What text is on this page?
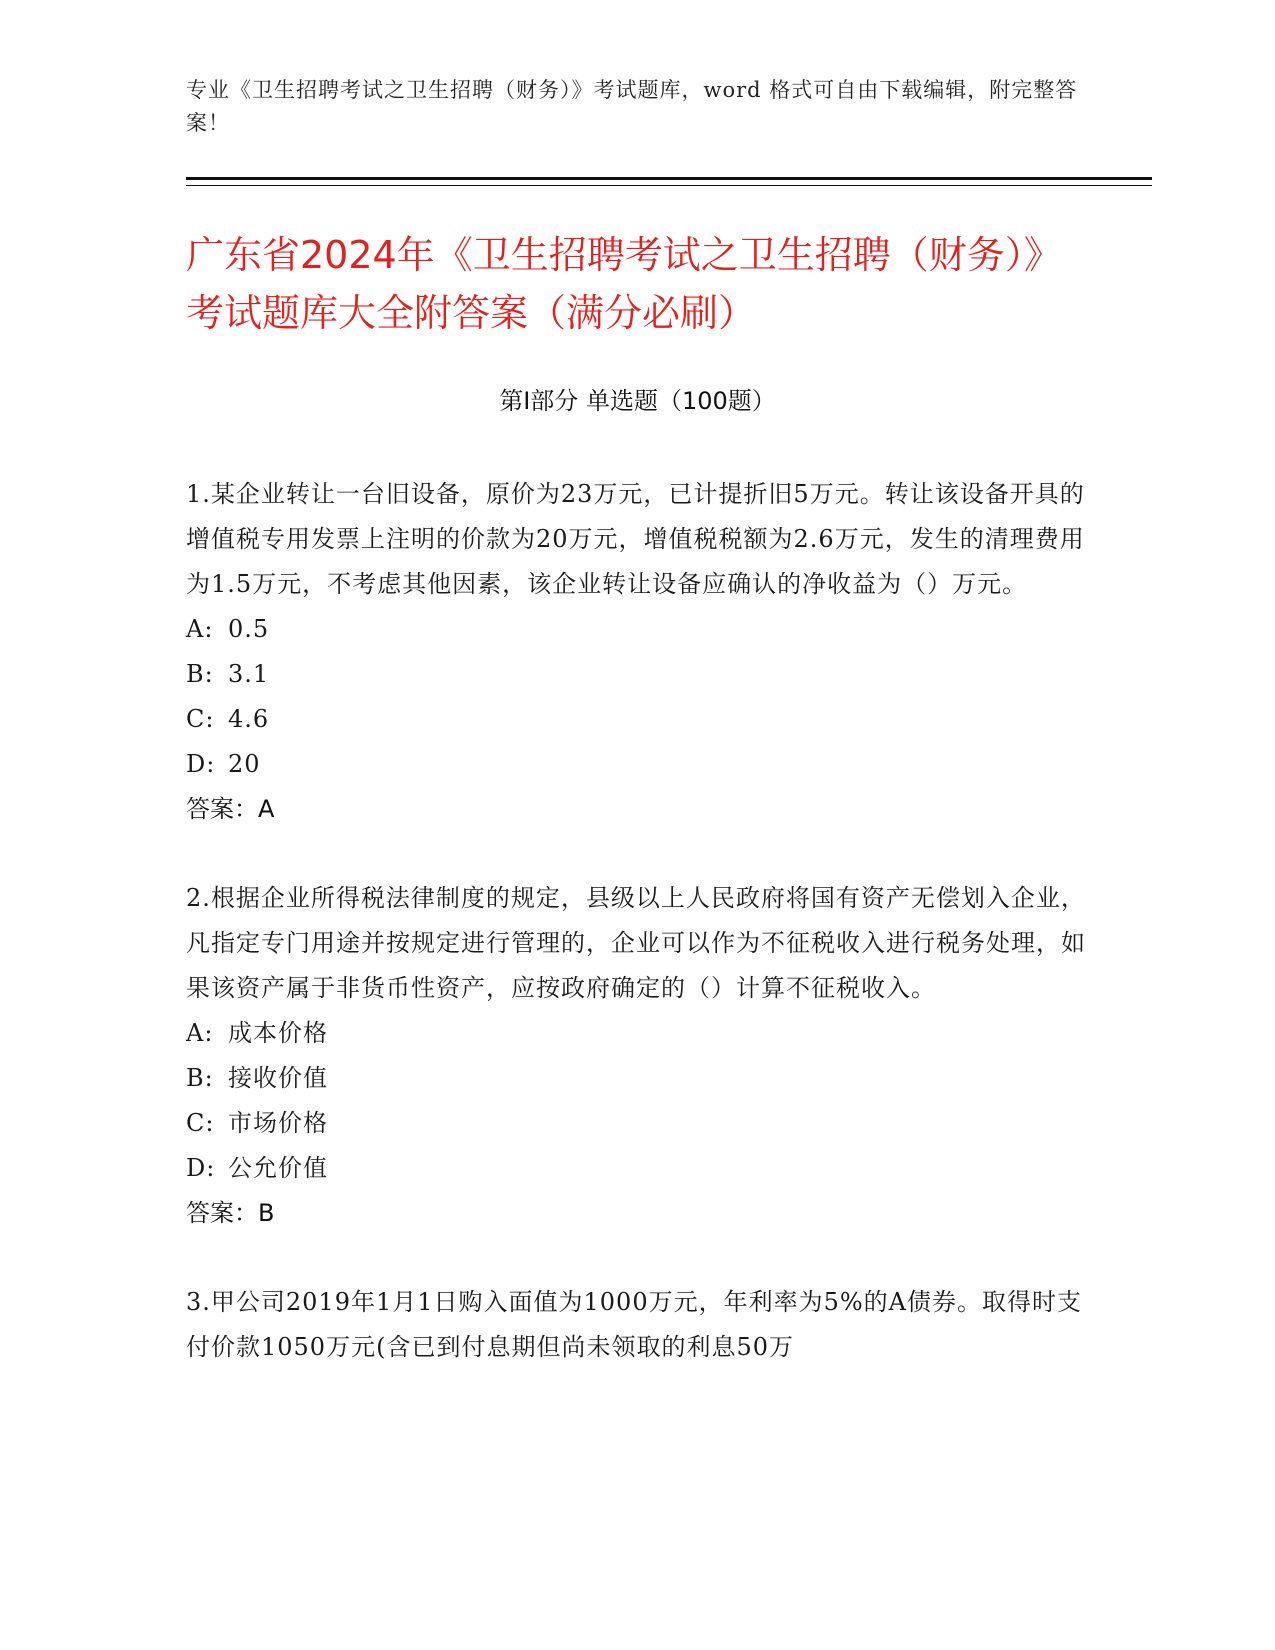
专业《卫生招聘考试之卫生招聘（财务）》考试题库，word 格式可自由下载编辑，附完整答案！
广东省2024年《卫生招聘考试之卫生招聘（财务）》考试题库大全附答案（满分必刷）
第Ⅰ部分 单选题（100题）

1.某企业转让一台旧设备，原价为23万元，已计提折旧5万元。转让该设备开具的增值税专用发票上注明的价款为20万元，增值税税额为2.6万元，发生的清理费用为1.5万元，不考虑其他因素，该企业转让设备应确认的净收益为（）万元。

A: 0.5
B: 3.1
C: 4.6
D: 20

答案：A

2.根据企业所得税法律制度的规定，县级以上人民政府将国有资产无偿划入企业，凡指定专门用途并按规定进行管理的，企业可以作为不征税收入进行税务处理，如果该资产属于非货币性资产，应按政府确定的（）计算不征税收入。

A: 成本价格
B: 接收价值
C: 市场价格
D: 公允价值

答案：B

3.甲公司2019年1月1日购入面值为1000万元，年利率为5%的A债券。取得时支付价款1050万元(含已到付息期但尚未领取的利息50万
